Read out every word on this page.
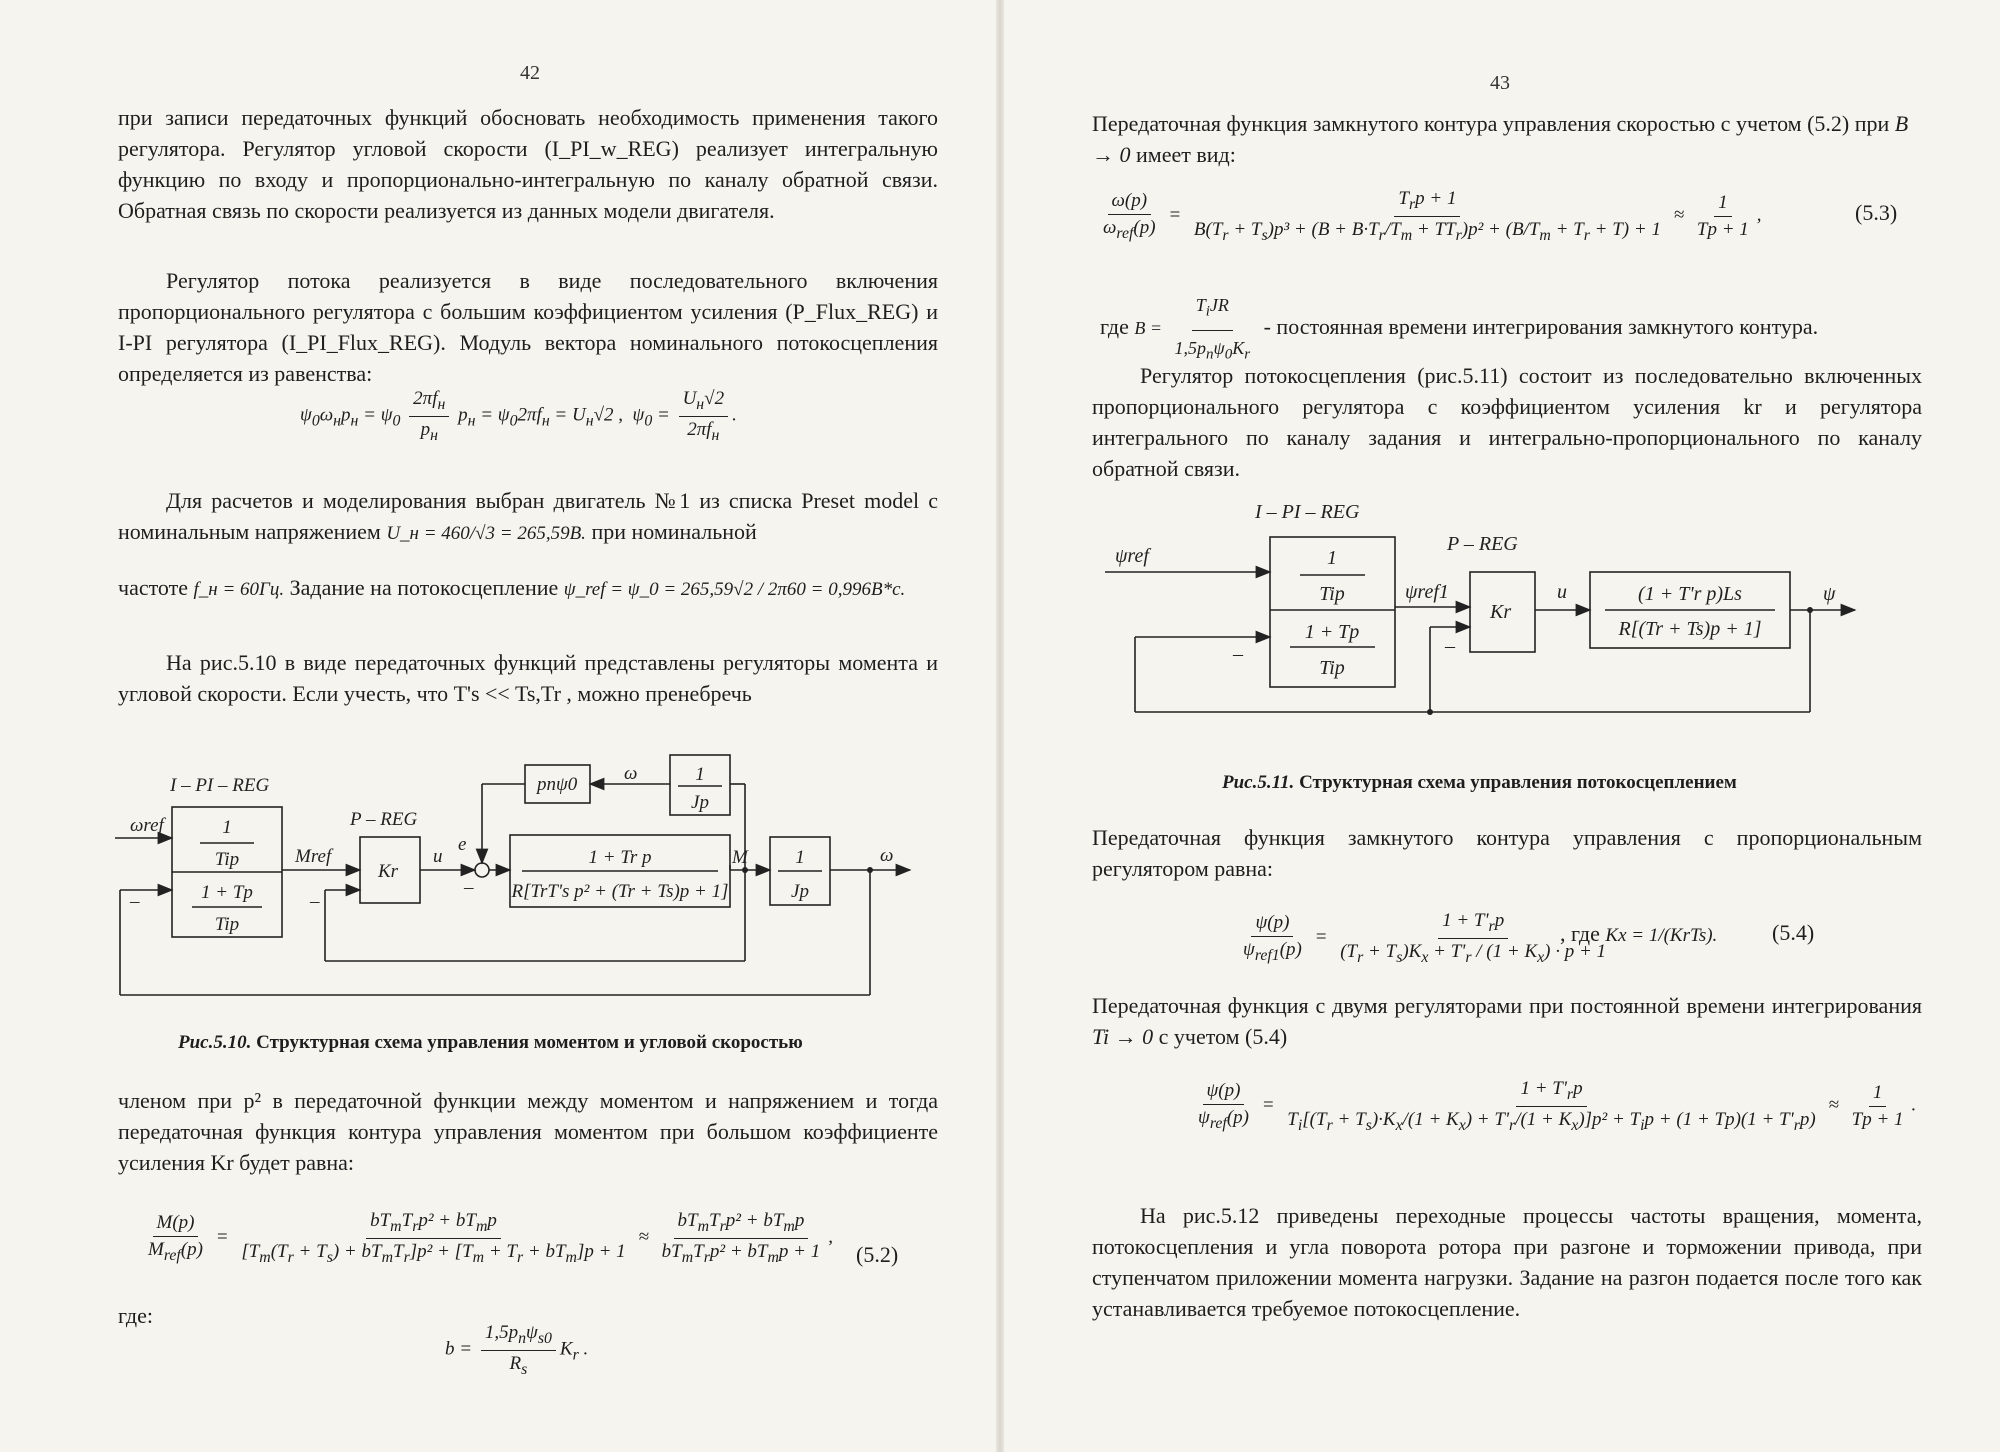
42
при записи передаточных функций обосновать необходимость применения такого регулятора. Регулятор угловой скорости (I_PI_w_REG) реализует интегральную функцию по входу и пропорционально-интегральную по каналу обратной связи. Обратная связь по скорости реализуется из данных модели двигателя.
Регулятор потока реализуется в виде последовательного включения пропорционального регулятора с большим коэффициентом усиления (P_Flux_REG) и I-PI регулятора (I_PI_Flux_REG). Модуль вектора номинального потокосцепления определяется из равенства:
$\psi_0\omega_нp_н = \psi_0 \frac{2\pi f_н}{p_н} p_н = \psi_02\pi f_н = U_н√2$ ,  $\psi_0 = \frac{U_н√2}{2\pi f_н}$ .
Для расчетов и моделирования выбран двигатель №1 из списка Preset model с номинальным напряжением U_н = 460/√3 = 265,59В. при номинальной
частоте f_н = 60Гц. Задание на потокосцепление ψ_ref = ψ_0 = 265,59√2 / 2π60 = 0,996В*с.
На рис.5.10 в виде передаточных функций представлены регуляторы момента и угловой скорости. Если учесть, что T's << Ts,Tr , можно пренебречь
I – PI – REG
P – REG
ωref
Mref	u
e
M	ω
ω
–	–
–
pnψ0
Kr
1
Tip
1 + Tp
Tip
1 + Tr p
R[TrT's p² + (Tr + Ts)p + 1]
1
Jp
1
Jp
Рис.5.10. Структурная схема управления моментом и угловой скоростью
членом при p² в передаточной функции между моментом и напряжением и тогда передаточная функция контура управления моментом при большом коэффициенте усиления Kr будет равна:
$\frac{M(p)}{M_{ref}(p)} = \frac{bT_mT_rp^2 + bT_mp}{[T_m(T_r + T_s) + bT_mT_r]p^2 + [T_m + T_r + bT_m]p + 1} \approx \frac{bT_mT_rp^2 + bT_mp}{bT_mT_rp^2 + bT_mp + 1}$ ,
(5.2)
где:
$b = \frac{1,5p_n\psi_{s0}}{R_s} K_r$ .
43
Передаточная функция замкнутого контура управления скоростью с учетом (5.2) при B → 0 имеет вид:
$\frac{\omega(p)}{\omega_{ref}(p)} = \frac{T_rp + 1}{B(T_r + T_s)p^3 + (B + B\cdot T_r/T_m + TT_r)p^2 + (B/T_m + T_r + T) + 1} \approx \frac{1}{Tp + 1}$ ,	(5.3)
где $B = \frac{T_iJR}{1,5p_n\psi_0K_r}$ - постоянная времени интегрирования замкнутого контура.
Регулятор потокосцепления (рис.5.11) состоит из последовательно включенных пропорционального регулятора с коэффициентом усиления kr и регулятора интегрального по каналу задания и интегрально-пропорционального по каналу обратной связи.
I – PI – REG
P – REG
ψref
ψref1	u	ψ
–	–
Kr
1
Tip
1 + Tp
Tip
(1 + T'r p)Ls
R[(Tr + Ts)p + 1]
Рис.5.11. Структурная схема управления потокосцеплением
Передаточная функция замкнутого контура управления с пропорциональным регулятором равна:
$\frac{\psi(p)}{\psi_{ref1}(p)} = \frac{1 + T'_rp}{(T_r + T_s)K_x + T'_r / (1 + K_x) \cdot p + 1}$
, где Kx = 1/(KrTs). (5.4)
Передаточная функция с двумя регуляторами при постоянной времени интегрирования Ti → 0 с учетом (5.4)
$\frac{\psi(p)}{\psi_{ref}(p)}$ =
$1 + T'_rp$
$T_i[(T_r + T_s)\cdot K_x/(1 + K_x) + T'_r/(1 + K_x)]p^2 + T_ip + (1 + Tp)(1 + T'_rp)$
≈ $\frac{1}{Tp + 1}$ .
На рис.5.12 приведены переходные процессы частоты вращения, момента, потокосцепления и угла поворота ротора при разгоне и торможении привода, при ступенчатом приложении момента нагрузки. Задание на разгон подается после того как устанавливается требуемое потокосцепление.
